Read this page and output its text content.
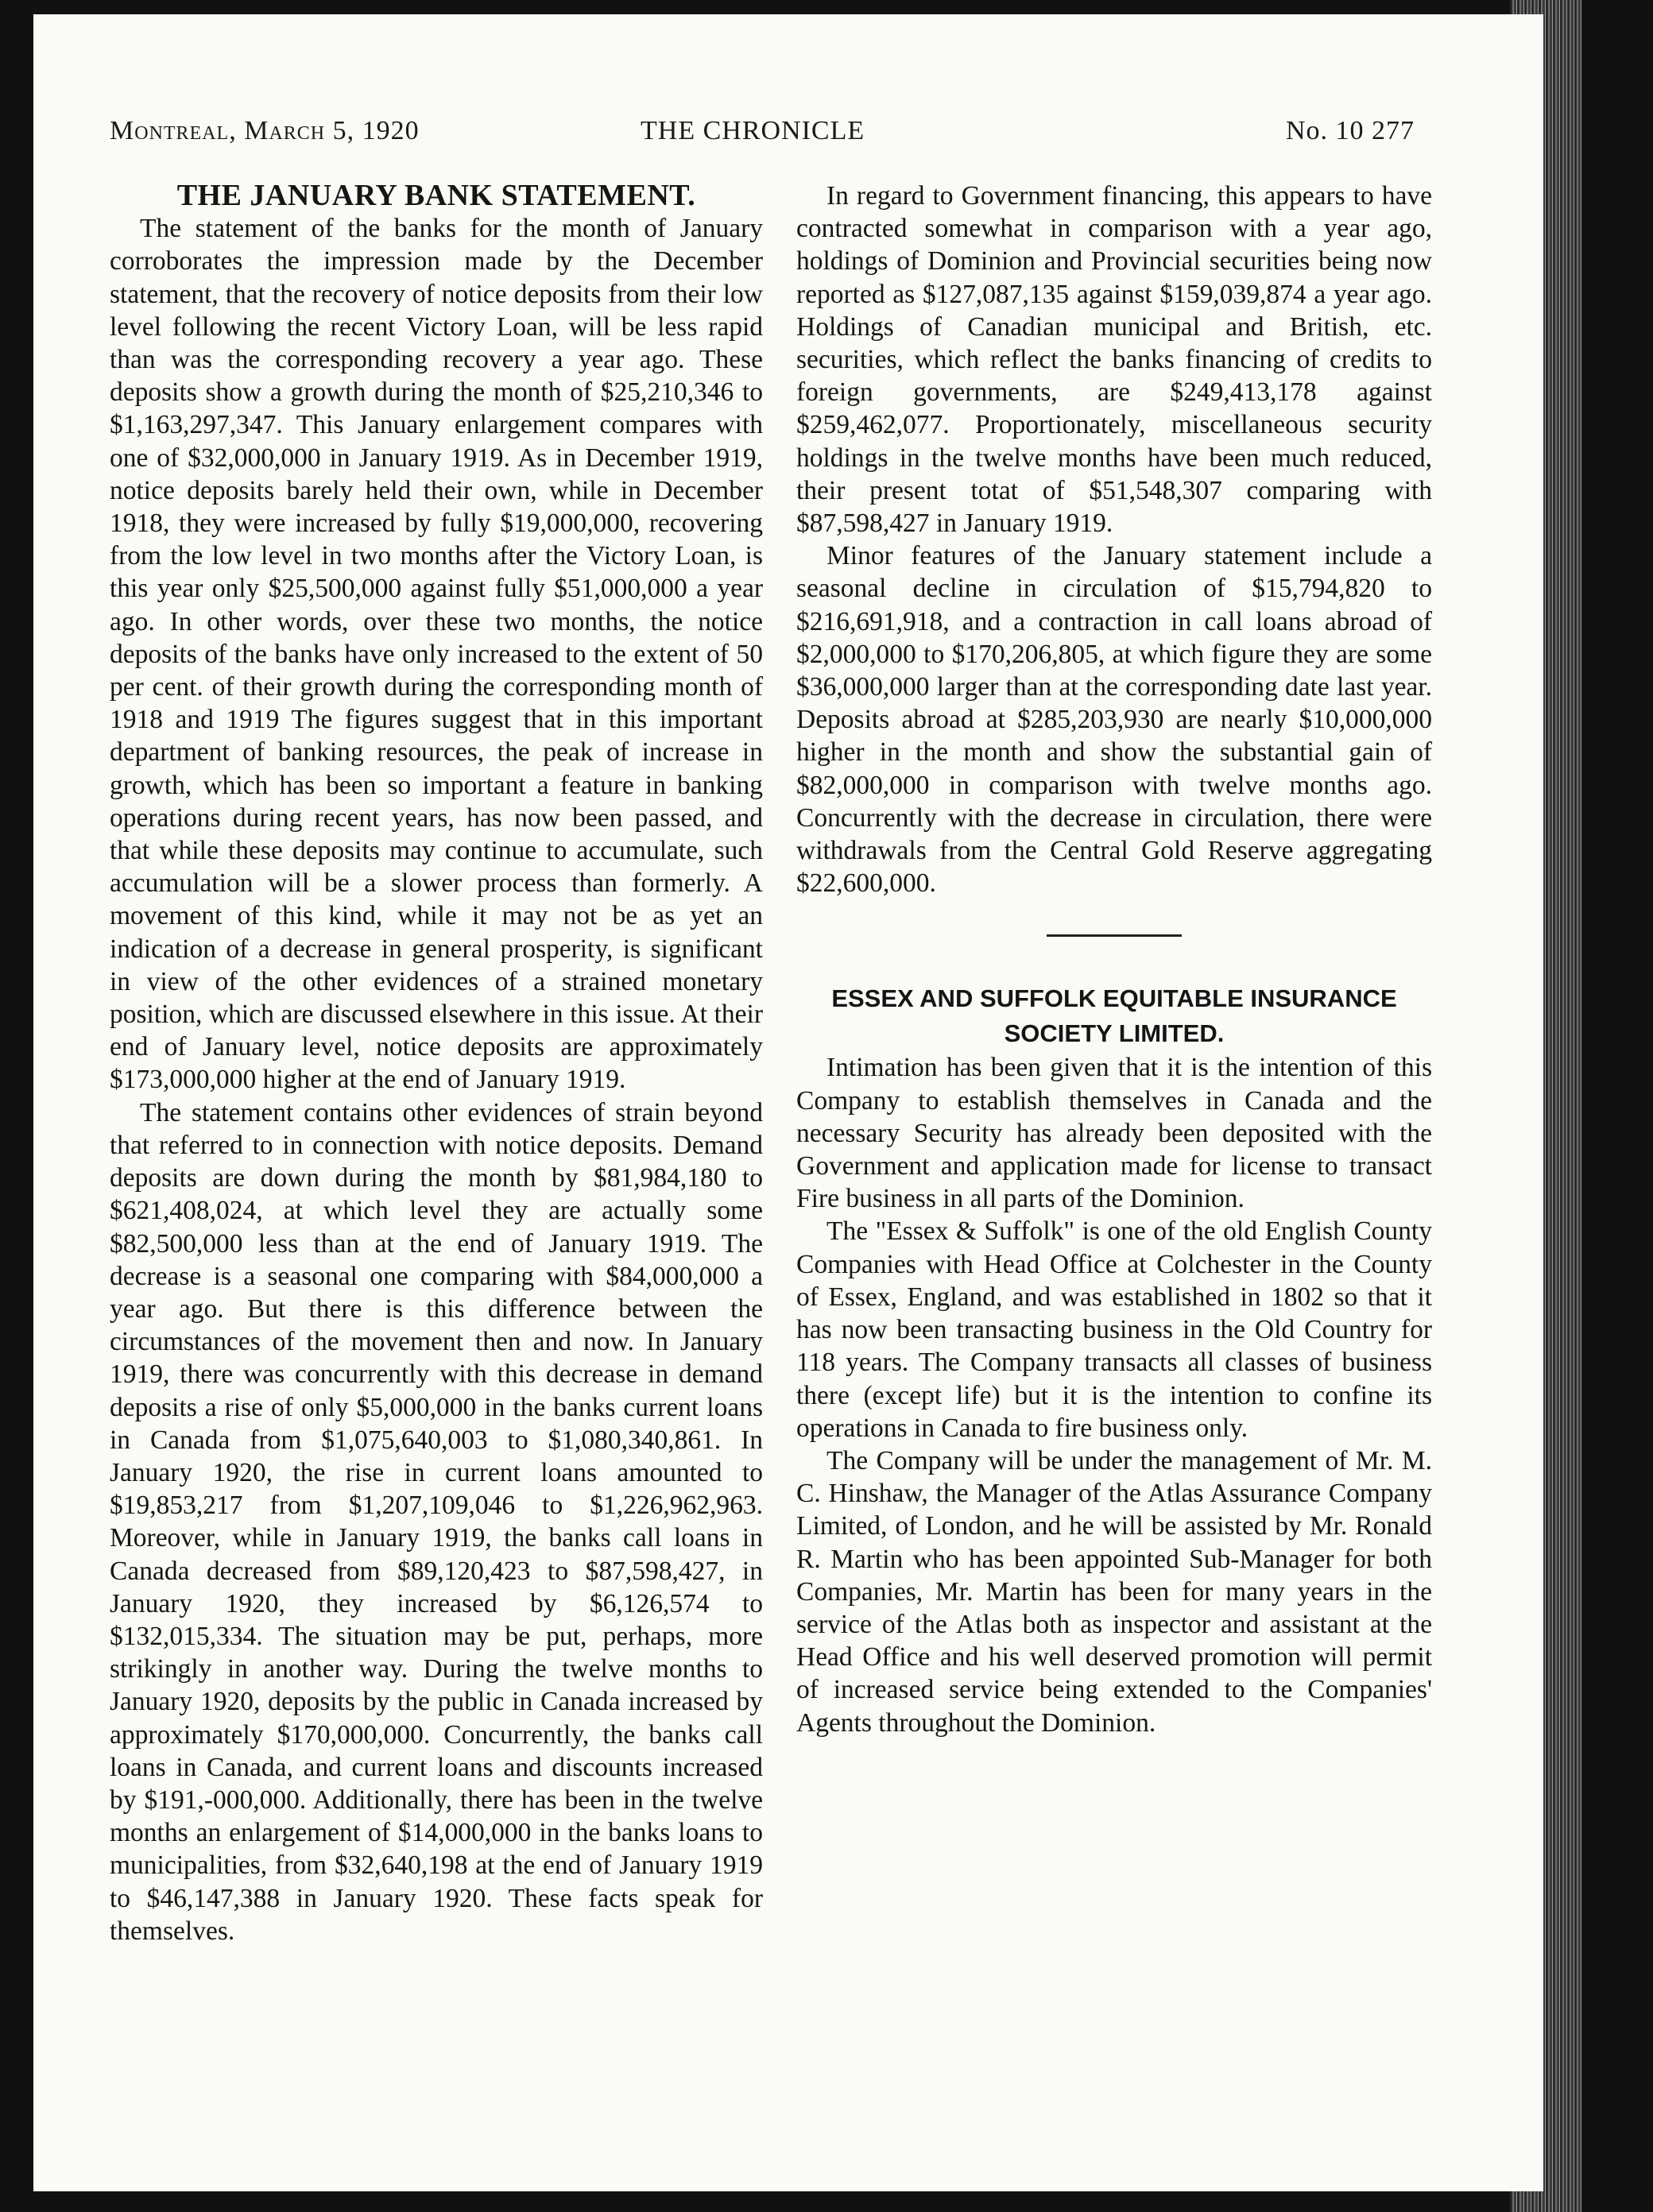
Montreal, March 5, 1920	THE CHRONICLE	No. 10 277

THE JANUARY BANK STATEMENT.

The statement of the banks for the month of January corroborates the impression made by the December statement, that the recovery of notice deposits from their low level following the recent Victory Loan, will be less rapid than was the corresponding recovery a year ago. These deposits show a growth during the month of $25,210,346 to $1,163,297,347. This January enlargement compares with one of $32,000,000 in January 1919. As in December 1919, notice deposits barely held their own, while in December 1918, they were increased by fully $19,000,000, recovering from the low level in two months after the Victory Loan, is this year only $25,500,000 against fully $51,000,000 a year ago. In other words, over these two months, the notice deposits of the banks have only increased to the extent of 50 per cent. of their growth during the corresponding month of 1918 and 1919 The figures suggest that in this important department of banking resources, the peak of increase in growth, which has been so important a feature in banking operations during recent years, has now been passed, and that while these deposits may continue to accumulate, such accumulation will be a slower process than formerly. A movement of this kind, while it may not be as yet an indication of a decrease in general prosperity, is significant in view of the other evidences of a strained monetary position, which are discussed elsewhere in this issue. At their end of January level, notice deposits are approximately $173,000,000 higher at the end of January 1919.

The statement contains other evidences of strain beyond that referred to in connection with notice deposits. Demand deposits are down during the month by $81,984,180 to $621,408,024, at which level they are actually some $82,500,000 less than at the end of January 1919. The decrease is a seasonal one comparing with $84,000,000 a year ago. But there is this difference between the circumstances of the movement then and now. In January 1919, there was concurrently with this decrease in demand deposits a rise of only $5,000,000 in the banks current loans in Canada from $1,075,640,003 to $1,080,340,861. In January 1920, the rise in current loans amounted to $19,853,217 from $1,207,109,046 to $1,226,962,963. Moreover, while in January 1919, the banks call loans in Canada decreased from $89,120,423 to $87,598,427, in January 1920, they increased by $6,126,574 to $132,015,334. The situation may be put, perhaps, more strikingly in another way. During the twelve months to January 1920, deposits by the public in Canada increased by approximately $170,000,000. Concurrently, the banks call loans in Canada, and current loans and discounts increased by $191,-000,000. Additionally, there has been in the twelve months an enlargement of $14,000,000 in the banks loans to municipalities, from $32,640,198 at the end of January 1919 to $46,147,388 in January 1920. These facts speak for themselves.

In regard to Government financing, this appears to have contracted somewhat in comparison with a year ago, holdings of Dominion and Provincial securities being now reported as $127,087,135 against $159,039,874 a year ago. Holdings of Canadian municipal and British, etc. securities, which reflect the banks financing of credits to foreign governments, are $249,413,178 against $259,462,077. Proportionately, miscellaneous security holdings in the twelve months have been much reduced, their present totat of $51,548,307 comparing with $87,598,427 in January 1919.

Minor features of the January statement include a seasonal decline in circulation of $15,794,820 to $216,691,918, and a contraction in call loans abroad of $2,000,000 to $170,206,805, at which figure they are some $36,000,000 larger than at the corresponding date last year. Deposits abroad at $285,203,930 are nearly $10,000,000 higher in the month and show the substantial gain of $82,000,000 in comparison with twelve months ago. Concurrently with the decrease in circulation, there were withdrawals from the Central Gold Reserve aggregating $22,600,000.

ESSEX AND SUFFOLK EQUITABLE INSURANCE SOCIETY LIMITED.

Intimation has been given that it is the intention of this Company to establish themselves in Canada and the necessary Security has already been deposited with the Government and application made for license to transact Fire business in all parts of the Dominion.

The "Essex & Suffolk" is one of the old English County Companies with Head Office at Colchester in the County of Essex, England, and was established in 1802 so that it has now been transacting business in the Old Country for 118 years. The Company transacts all classes of business there (except life) but it is the intention to confine its operations in Canada to fire business only.

The Company will be under the management of Mr. M. C. Hinshaw, the Manager of the Atlas Assurance Company Limited, of London, and he will be assisted by Mr. Ronald R. Martin who has been appointed Sub-Manager for both Companies, Mr. Martin has been for many years in the service of the Atlas both as inspector and assistant at the Head Office and his well deserved promotion will permit of increased service being extended to the Companies' Agents throughout the Dominion.
